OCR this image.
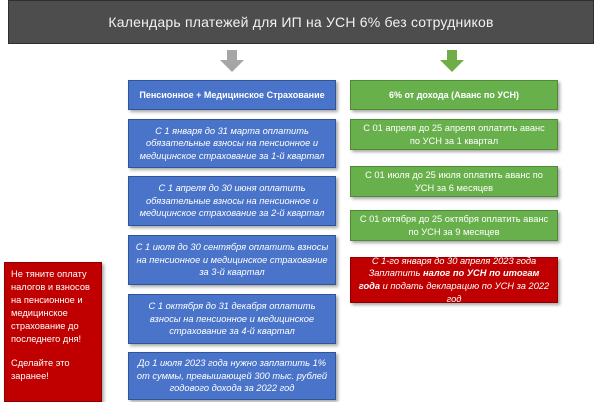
Календарь платежей для ИП на УСН 6% без сотрудников
Пенсионное + Медицинское Страхование
С 1 января до 31 марта оплатить обязательные взносы на пенсионное и медицинское страхование за 1-й квартал
С 1 апреля до 30 июня оплатить обязательные взносы на пенсионное и медицинское страхование за 2-й квартал
С 1 июля до 30 сентября оплатить взносы на пенсионное и медицинское страхование за 3-й квартал
С 1 октября до 31 декабря оплатить взносы на пенсионное и медицинское страхование за 4-й квартал
До 1 июля 2023 года нужно заплатить 1% от суммы, превышающей 300 тыс. рублей годового дохода за 2022 год
6% от дохода (Аванс по УСН)
С 01 апреля до 25 апреля оплатить аванс по УСН за 1 квартал
С 01 июля до 25 июля оплатить аванс по УСН за 6 месяцев
С 01 октября до 25 октября оплатить аванс по УСН за 9 месяцев
С 1-го января до 30 апреля 2023 года
Заплатить налог по УСН по итогам года и подать декларацию по УСН за 2022 год

Не тяните оплату налогов и взносов на пенсионное и медицинское страхование до последнего дня!

Сделайте это заранее!
